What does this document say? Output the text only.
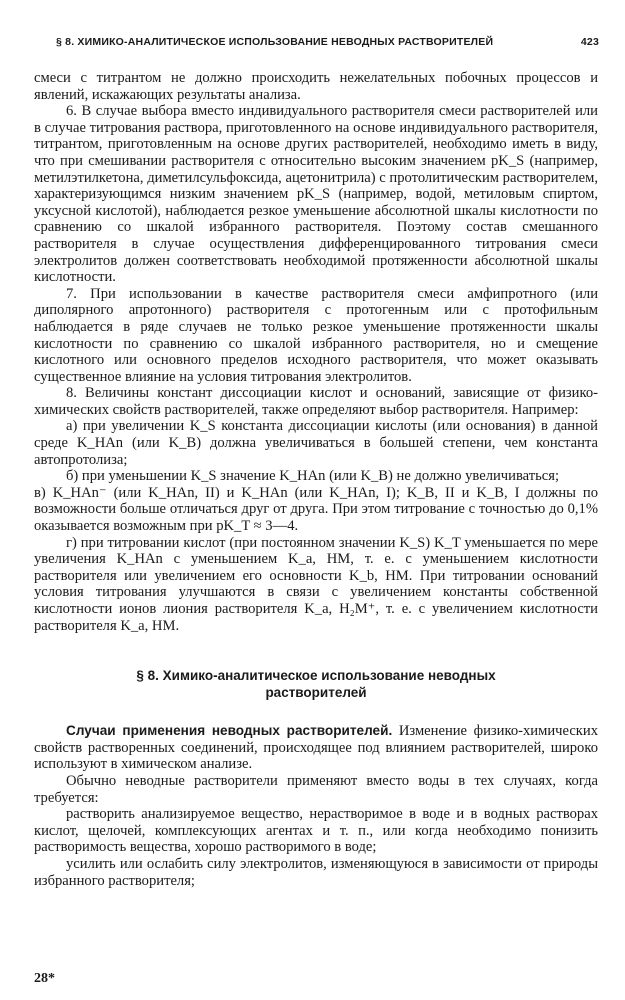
§ 8. ХИМИКО-АНАЛИТИЧЕСКОЕ ИСПОЛЬЗОВАНИЕ НЕВОДНЫХ РАСТВОРИТЕЛЕЙ	423

смеси с титрантом не должно происходить нежелательных побочных процессов и явлений, искажающих результаты анализа.

6. В случае выбора вместо индивидуального растворителя смеси растворителей или в случае титрования раствора, приготовленного на основе индивидуального растворителя, титрантом, приготовленным на основе других растворителей, необходимо иметь в виду, что при смешивании растворителя с относительно высоким значением pK_S (например, метилэтилкетона, диметилсульфоксида, ацетонитрила) с протолитическим растворителем, характеризующимся низким значением pK_S (например, водой, метиловым спиртом, уксусной кислотой), наблюдается резкое уменьшение абсолютной шкалы кислотности по сравнению со шкалой избранного растворителя. Поэтому состав смешанного растворителя в случае осуществления дифференцированного титрования смеси электролитов должен соответствовать необходимой протяженности абсолютной шкалы кислотности.

7. При использовании в качестве растворителя смеси амфипротного (или диполярного апротонного) растворителя с протогенным или с протофильным наблюдается в ряде случаев не только резкое уменьшение протяженности шкалы кислотности по сравнению со шкалой избранного растворителя, но и смещение кислотного или основного пределов исходного растворителя, что может оказывать существенное влияние на условия титрования электролитов.

8. Величины констант диссоциации кислот и оснований, зависящие от физико-химических свойств растворителей, также определяют выбор растворителя. Например:

а) при увеличении K_S константа диссоциации кислоты (или основания) в данной среде K_HAn (или K_B) должна увеличиваться в большей степени, чем константа автопротолиза;

б) при уменьшении K_S значение K_HAn (или K_B) не должно увеличиваться;

в) K_HAn⁻ (или K_HAn, II) и K_HAn (или K_HAn, I); K_B, II и K_B, I должны по возможности больше отличаться друг от друга. При этом титрование с точностью до 0,1% оказывается возможным при pK_T ≈ 3—4.

г) при титровании кислот (при постоянном значении K_S) K_T уменьшается по мере увеличения K_HAn с уменьшением K_a, HM, т. е. с уменьшением кислотности растворителя или увеличением его основности K_b, HM. При титровании оснований условия титрования улучшаются в связи с увеличением константы собственной кислотности ионов лиония растворителя K_a, H₂M⁺, т. е. с увеличением кислотности растворителя K_a, HM.

§ 8. Химико-аналитическое использование неводных растворителей

Случаи применения неводных растворителей. Изменение физико-химических свойств растворенных соединений, происходящее под влиянием растворителей, широко используют в химическом анализе.

Обычно неводные растворители применяют вместо воды в тех случаях, когда требуется:

растворить анализируемое вещество, нерастворимое в воде и в водных растворах кислот, щелочей, комплексующих агентах и т. п., или когда необходимо понизить растворимость вещества, хорошо растворимого в воде;

усилить или ослабить силу электролитов, изменяющуюся в зависимости от природы избранного растворителя;

28*
